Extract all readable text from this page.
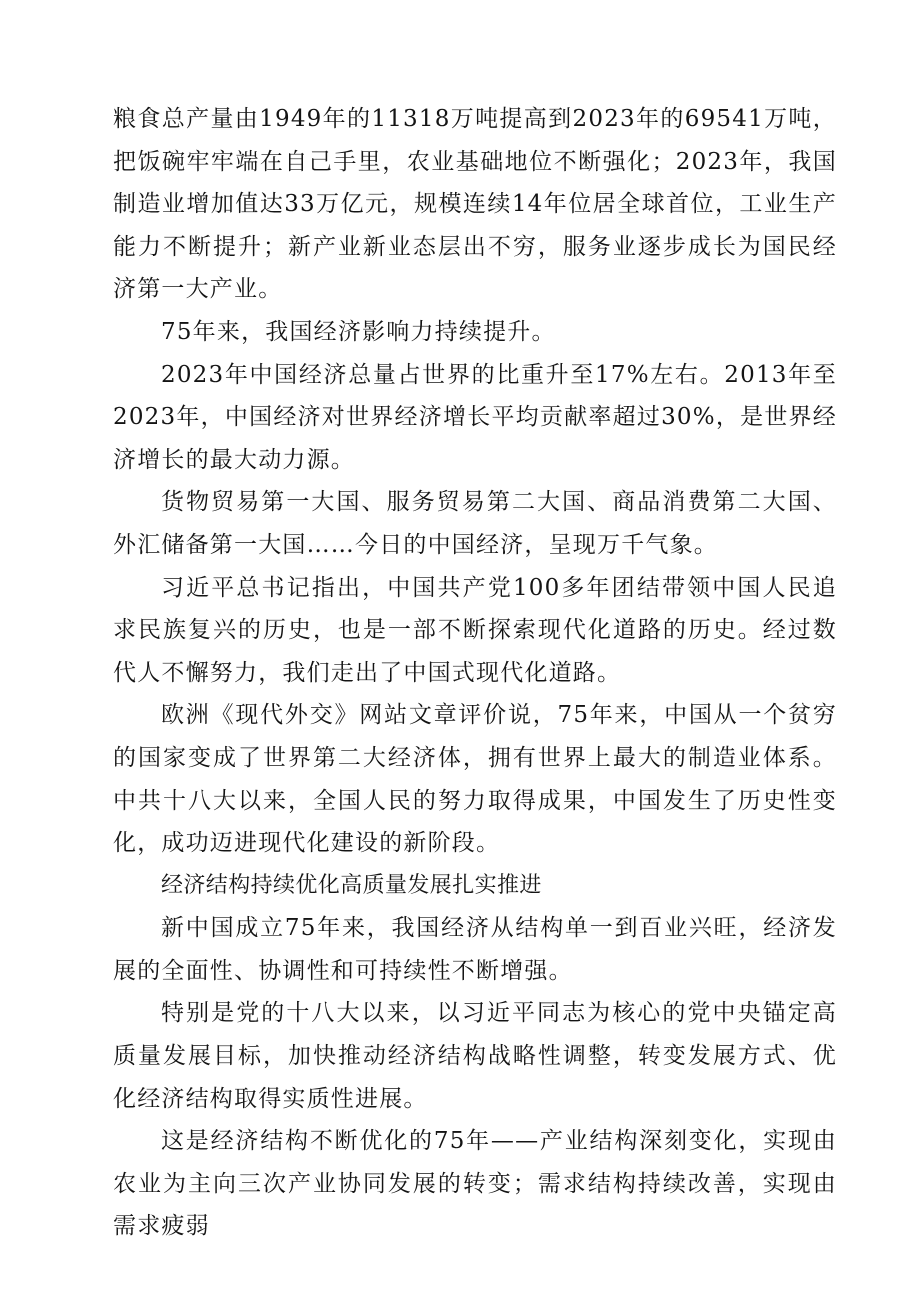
粮食总产量由1949年的11318万吨提高到2023年的69541万吨，把饭碗牢牢端在自己手里，农业基础地位不断强化；2023年，我国制造业增加值达33万亿元，规模连续14年位居全球首位，工业生产能力不断提升；新产业新业态层出不穷，服务业逐步成长为国民经济第一大产业。

75年来，我国经济影响力持续提升。

2023年中国经济总量占世界的比重升至17%左右。2013年至2023年，中国经济对世界经济增长平均贡献率超过30%，是世界经济增长的最大动力源。

货物贸易第一大国、服务贸易第二大国、商品消费第二大国、外汇储备第一大国……今日的中国经济，呈现万千气象。

习近平总书记指出，中国共产党100多年团结带领中国人民追求民族复兴的历史，也是一部不断探索现代化道路的历史。经过数代人不懈努力，我们走出了中国式现代化道路。

欧洲《现代外交》网站文章评价说，75年来，中国从一个贫穷的国家变成了世界第二大经济体，拥有世界上最大的制造业体系。中共十八大以来，全国人民的努力取得成果，中国发生了历史性变化，成功迈进现代化建设的新阶段。

经济结构持续优化高质量发展扎实推进

新中国成立75年来，我国经济从结构单一到百业兴旺，经济发展的全面性、协调性和可持续性不断增强。

特别是党的十八大以来，以习近平同志为核心的党中央锚定高质量发展目标，加快推动经济结构战略性调整，转变发展方式、优化经济结构取得实质性进展。

这是经济结构不断优化的75年——产业结构深刻变化，实现由农业为主向三次产业协同发展的转变；需求结构持续改善，实现由需求疲弱
